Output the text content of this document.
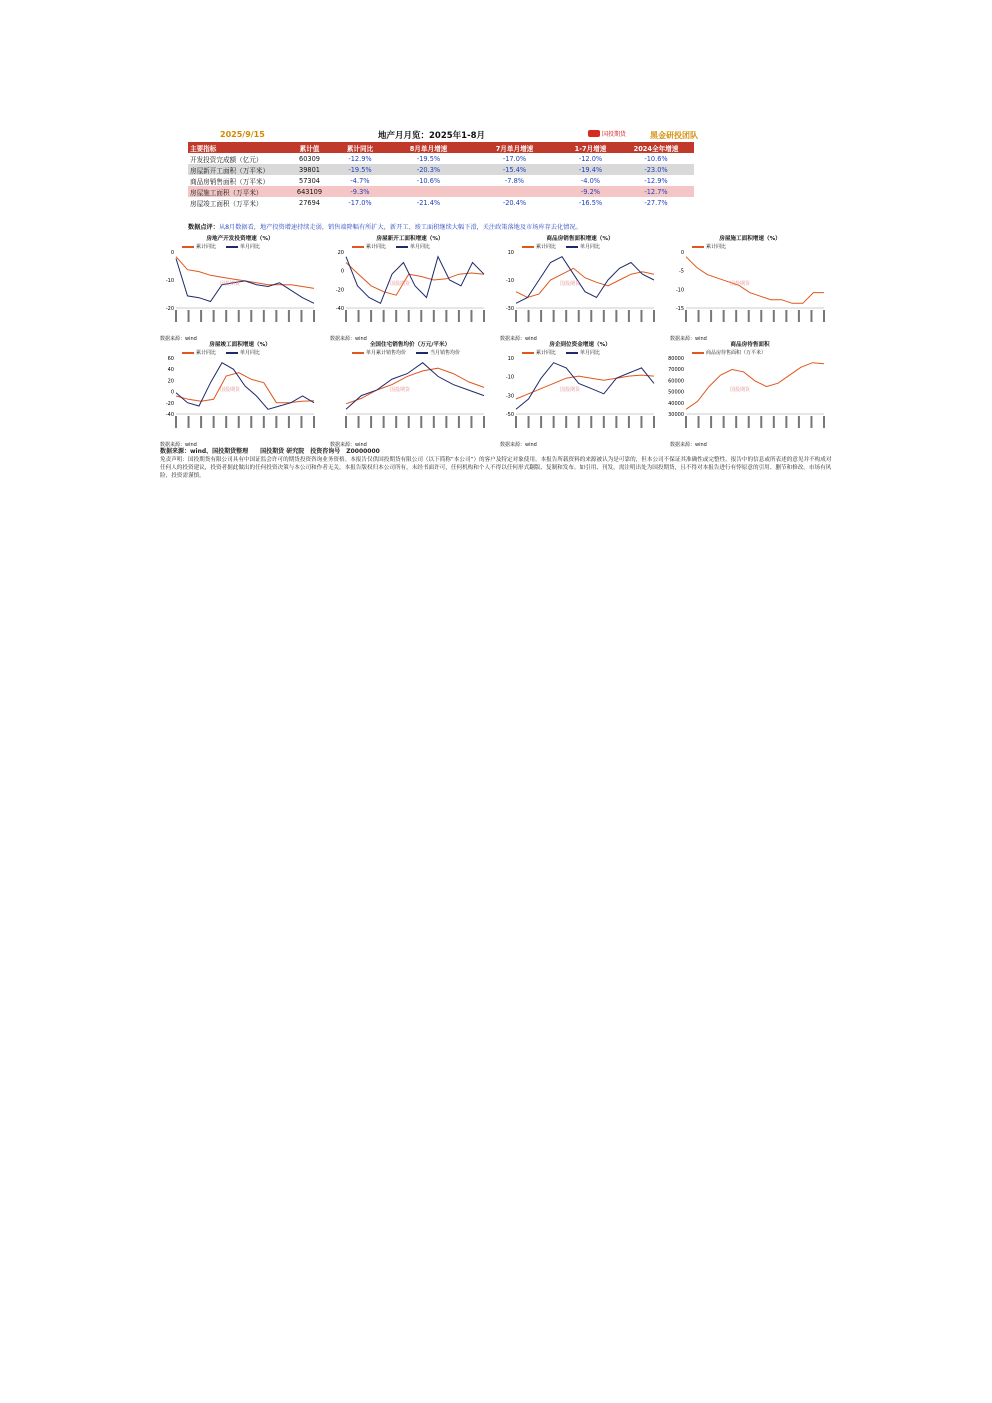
2025/9/15	地产月月览：2025年1-8月	国投期货	黑金研投团队
主要指标	累计值	累计同比	8月单月增速	7月单月增速	1-7月增速	2024全年增速
开发投资完成额（亿元）	60309	-12.9%	-19.5%	-17.0%	-12.0%	-10.6%
房屋新开工面积（万平米）	39801	-19.5%	-20.3%	-15.4%	-19.4%	-23.0%
商品房销售面积（万平米）	57304	-4.7%	-10.6%	-7.8%	-4.0%	-12.9%
房屋施工面积（万平米）	643109	-9.3%			-9.2%	-12.7%
房屋竣工面积（万平米）	27694	-17.0%	-21.4%	-20.4%	-16.5%	-27.7%
数据点评：从8月数据看，地产投资增速持续走弱，销售端降幅有所扩大，新开工、竣工面积继续大幅下滑，关注政策落地及市场库存去化情况。
房地产开发投资增速（%）
累计同比	单月同比
0
-10
-20
国投期货
数据来源：wind
房屋新开工面积增速（%）
累计同比	单月同比
20
0
-20
-40
国投期货
数据来源：wind
商品房销售面积增速（%）
累计同比	单月同比
10
-10
-30
国投期货
数据来源：wind
房屋施工面积增速（%）
累计同比
0
-5
-10
-15
国投期货
数据来源：wind
房屋竣工面积增速（%）
累计同比	单月同比
60
40
20
0
-20
-40
国投期货
数据来源：wind
全国住宅销售均价（万元/平米）
单月累计销售均价	当月销售均价
国投期货
数据来源：wind
房企到位资金增速（%）
累计同比	单月同比
10
-10
-30
-50
国投期货
数据来源：wind
商品房待售面积
商品房待售面积（万平米）
80000
70000
60000
50000
40000
30000
国投期货
数据来源：wind
数据来源：wind、国投期货整理　　国投期货 研究院　投资咨询号　Z0000000
免责声明：国投期货有限公司具有中国证监会许可的期货投资咨询业务资格。本报告仅供国投期货有限公司（以下简称“本公司”）的客户及特定对象使用。本报告所载资料的来源被认为是可靠的，但本公司不保证其准确性或完整性。报告中的信息或所表述的意见并不构成对任何人的投资建议，投资者据此做出的任何投资决策与本公司和作者无关。本报告版权归本公司所有，未经书面许可，任何机构和个人不得以任何形式翻版、复制和发布。如引用、刊发，需注明出处为国投期货，且不得对本报告进行有悖原意的引用、删节和修改。市场有风险，投资需谨慎。
